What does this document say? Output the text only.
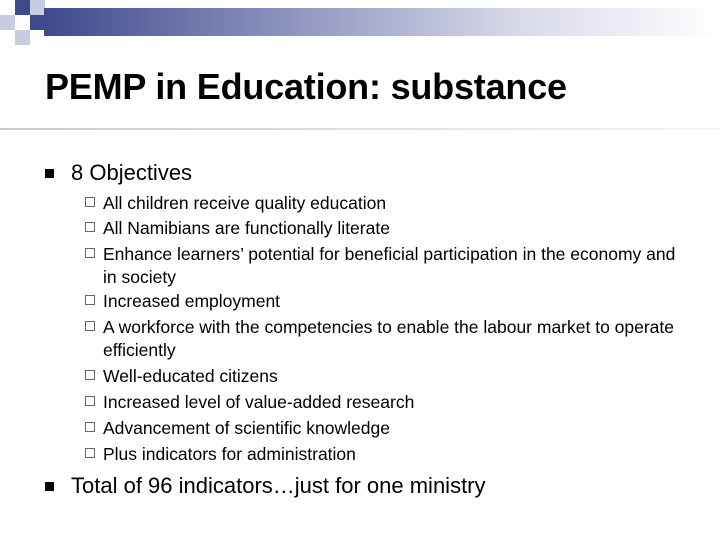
PEMP in Education: substance
8 Objectives
All children receive quality education
All Namibians are functionally literate
Enhance learners’ potential for beneficial participation in the economy and in society
Increased employment
A workforce with the competencies to enable the labour market to operate efficiently
Well-educated citizens
Increased level of value-added research
Advancement of scientific knowledge
Plus indicators for administration
Total of 96 indicators…just for one ministry
